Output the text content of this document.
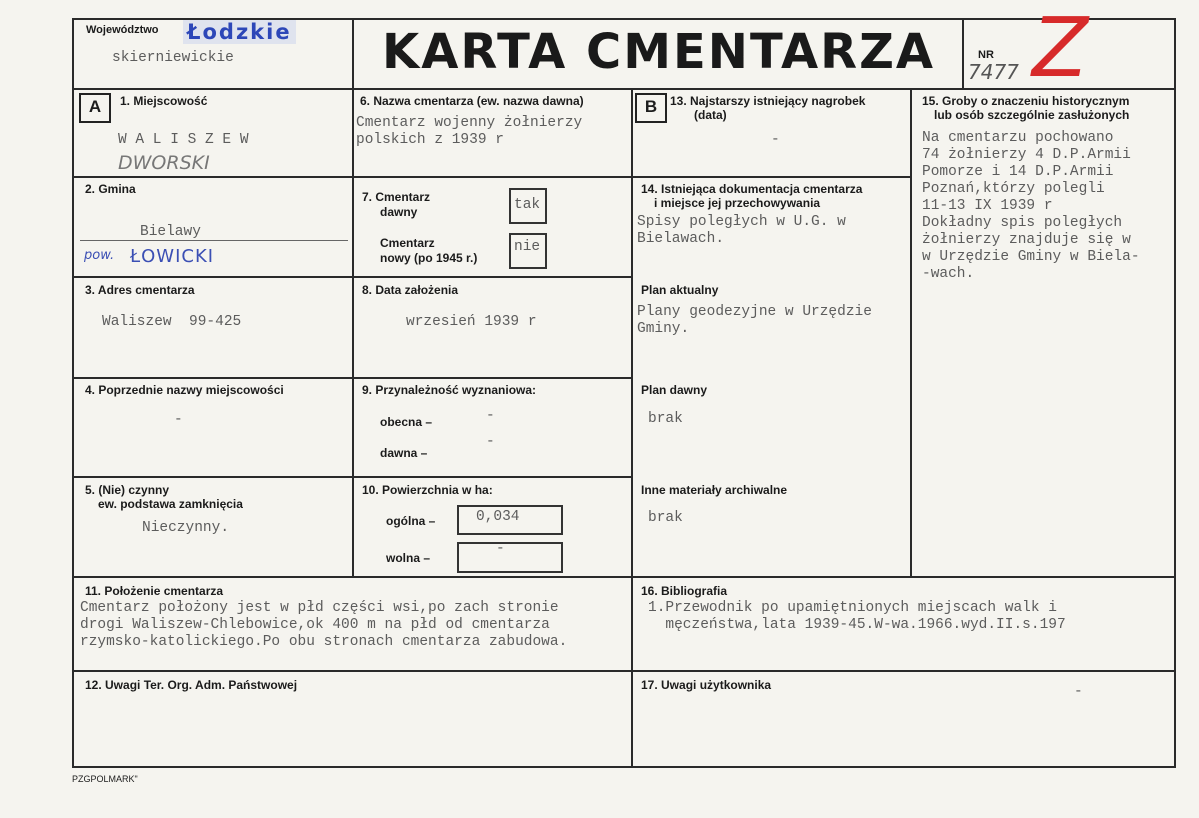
Województwo Łodzkie
skierniewickie	KARTA CMENTARZA	NR
7477 Z
A	B
1. Miejscowość
W A L I S Z E W
DWORSKI
2. Gmina
Bielawy
pow. ŁOWICKI
3. Adres cmentarza
Waliszew  99-425
4. Poprzednie nazwy miejscowości
-
5. (Nie) czynny
ew. podstawa zamknięcia
Nieczynny.
6. Nazwa cmentarza (ew. nazwa dawna)
Cmentarz wojenny żołnierzy
polskich z 1939 r
7. Cmentarz
dawny	tak
Cmentarz
nowy (po 1945 r.)
nie
8. Data założenia
wrzesień 1939 r
9. Przynależność wyznaniowa:
obecna –	-
dawna –
-
10. Powierzchnia w ha:
ogólna –	0,034
wolna –
-
13. Najstarszy istniejący nagrobek
(data)
-
14. Istniejąca dokumentacja cmentarza
i miejsce jej przechowywania
Spisy poległych w U.G. w
Bielawach.
Plan aktualny
Plany geodezyjne w Urzędzie
Gminy.
Plan dawny
brak
Inne materiały archiwalne
brak
15. Groby o znaczeniu historycznym
lub osób szczególnie zasłużonych
Na cmentarzu pochowano
74 żołnierzy 4 D.P.Armii
Pomorze i 14 D.P.Armii
Poznań,którzy polegli
11-13 IX 1939 r
Dokładny spis poległych
żołnierzy znajduje się w
w Urzędzie Gminy w Biela-
-wach.
11. Położenie cmentarza
Cmentarz położony jest w płd części wsi,po zach stronie
drogi Waliszew-Chlebowice,ok 400 m na płd od cmentarza
rzymsko-katolickiego.Po obu stronach cmentarza zabudowa.
16. Bibliografia
1.Przewodnik po upamiętnionych miejscach walk i
męczeństwa,lata 1939-45.W-wa.1966.wyd.II.s.197
12. Uwagi Ter. Org. Adm. Państwowej	17. Uwagi użytkownika	-
PZGPOLMARK"
